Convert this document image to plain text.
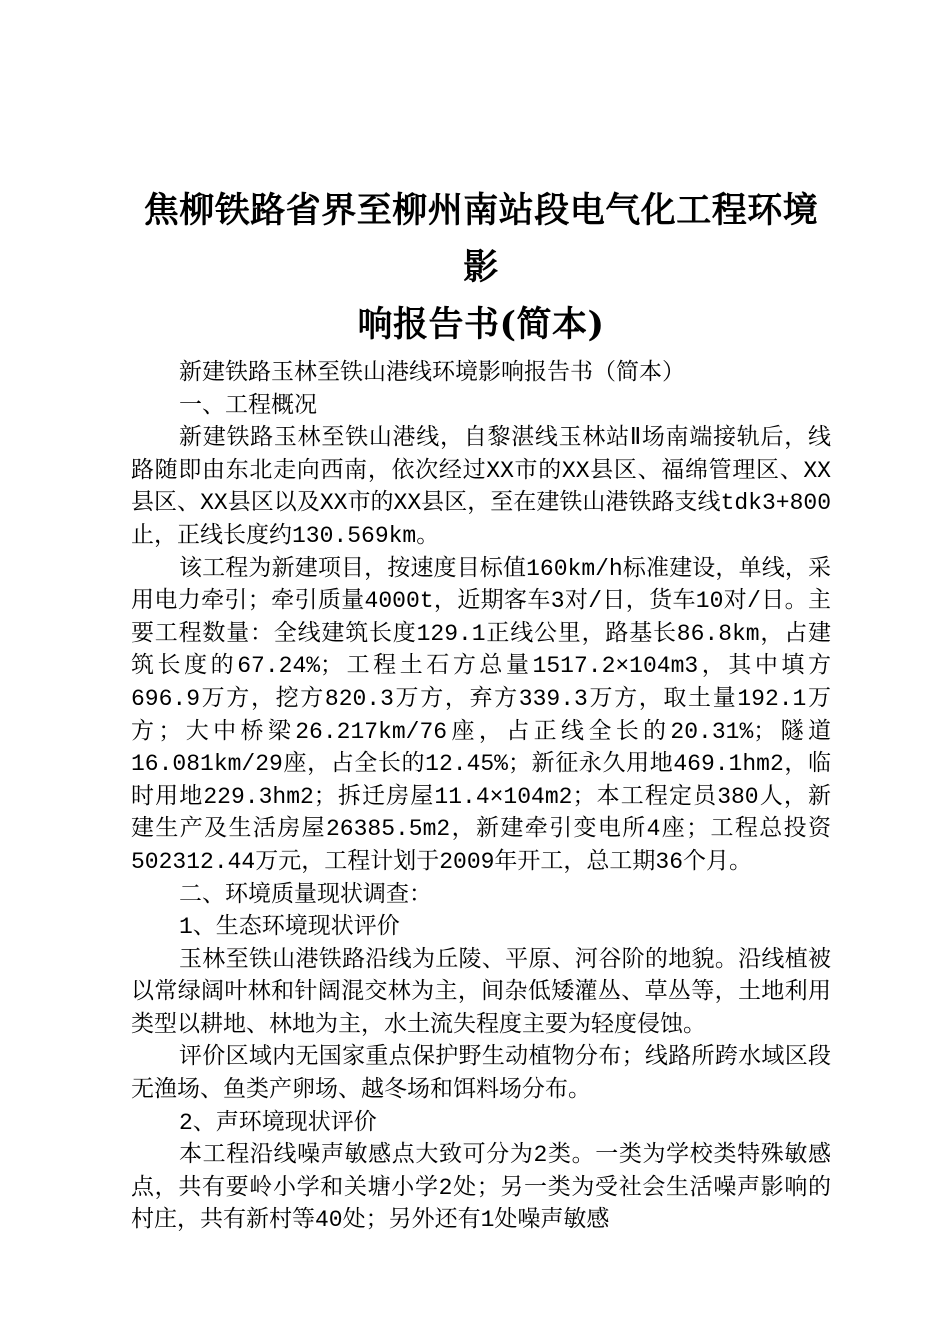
焦柳铁路省界至柳州南站段电气化工程环境影
响报告书(简本)

新建铁路玉林至铁山港线环境影响报告书（简本）

一、工程概况

新建铁路玉林至铁山港线，自黎湛线玉林站Ⅱ场南端接轨后，线路随即由东北走向西南，依次经过XX市的XX县区、福绵管理区、XX县区、XX县区以及XX市的XX县区，至在建铁山港铁路支线tdk3+800止，正线长度约130.569km。

该工程为新建项目，按速度目标值160km/h标准建设，单线，采用电力牵引；牵引质量4000t，近期客车3对/日，货车10对/日。主要工程数量：全线建筑长度129.1正线公里，路基长86.8km，占建筑长度的67.24%；工程土石方总量1517.2×104m3，其中填方696.9万方，挖方820.3万方，弃方339.3万方，取土量192.1万方；大中桥梁26.217km/76座，占正线全长的20.31%；隧道16.081km/29座，占全长的12.45%；新征永久用地469.1hm2，临时用地229.3hm2；拆迁房屋11.4×104m2；本工程定员380人，新建生产及生活房屋26385.5m2，新建牵引变电所4座；工程总投资502312.44万元，工程计划于2009年开工，总工期36个月。

二、环境质量现状调查：

1、生态环境现状评价

玉林至铁山港铁路沿线为丘陵、平原、河谷阶的地貌。沿线植被以常绿阔叶林和针阔混交林为主，间杂低矮灌丛、草丛等，土地利用类型以耕地、林地为主，水土流失程度主要为轻度侵蚀。

评价区域内无国家重点保护野生动植物分布；线路所跨水域区段无渔场、鱼类产卵场、越冬场和饵料场分布。

2、声环境现状评价

本工程沿线噪声敏感点大致可分为2类。一类为学校类特殊敏感点，共有要岭小学和关塘小学2处；另一类为受社会生活噪声影响的村庄，共有新村等40处；另外还有1处噪声敏感
